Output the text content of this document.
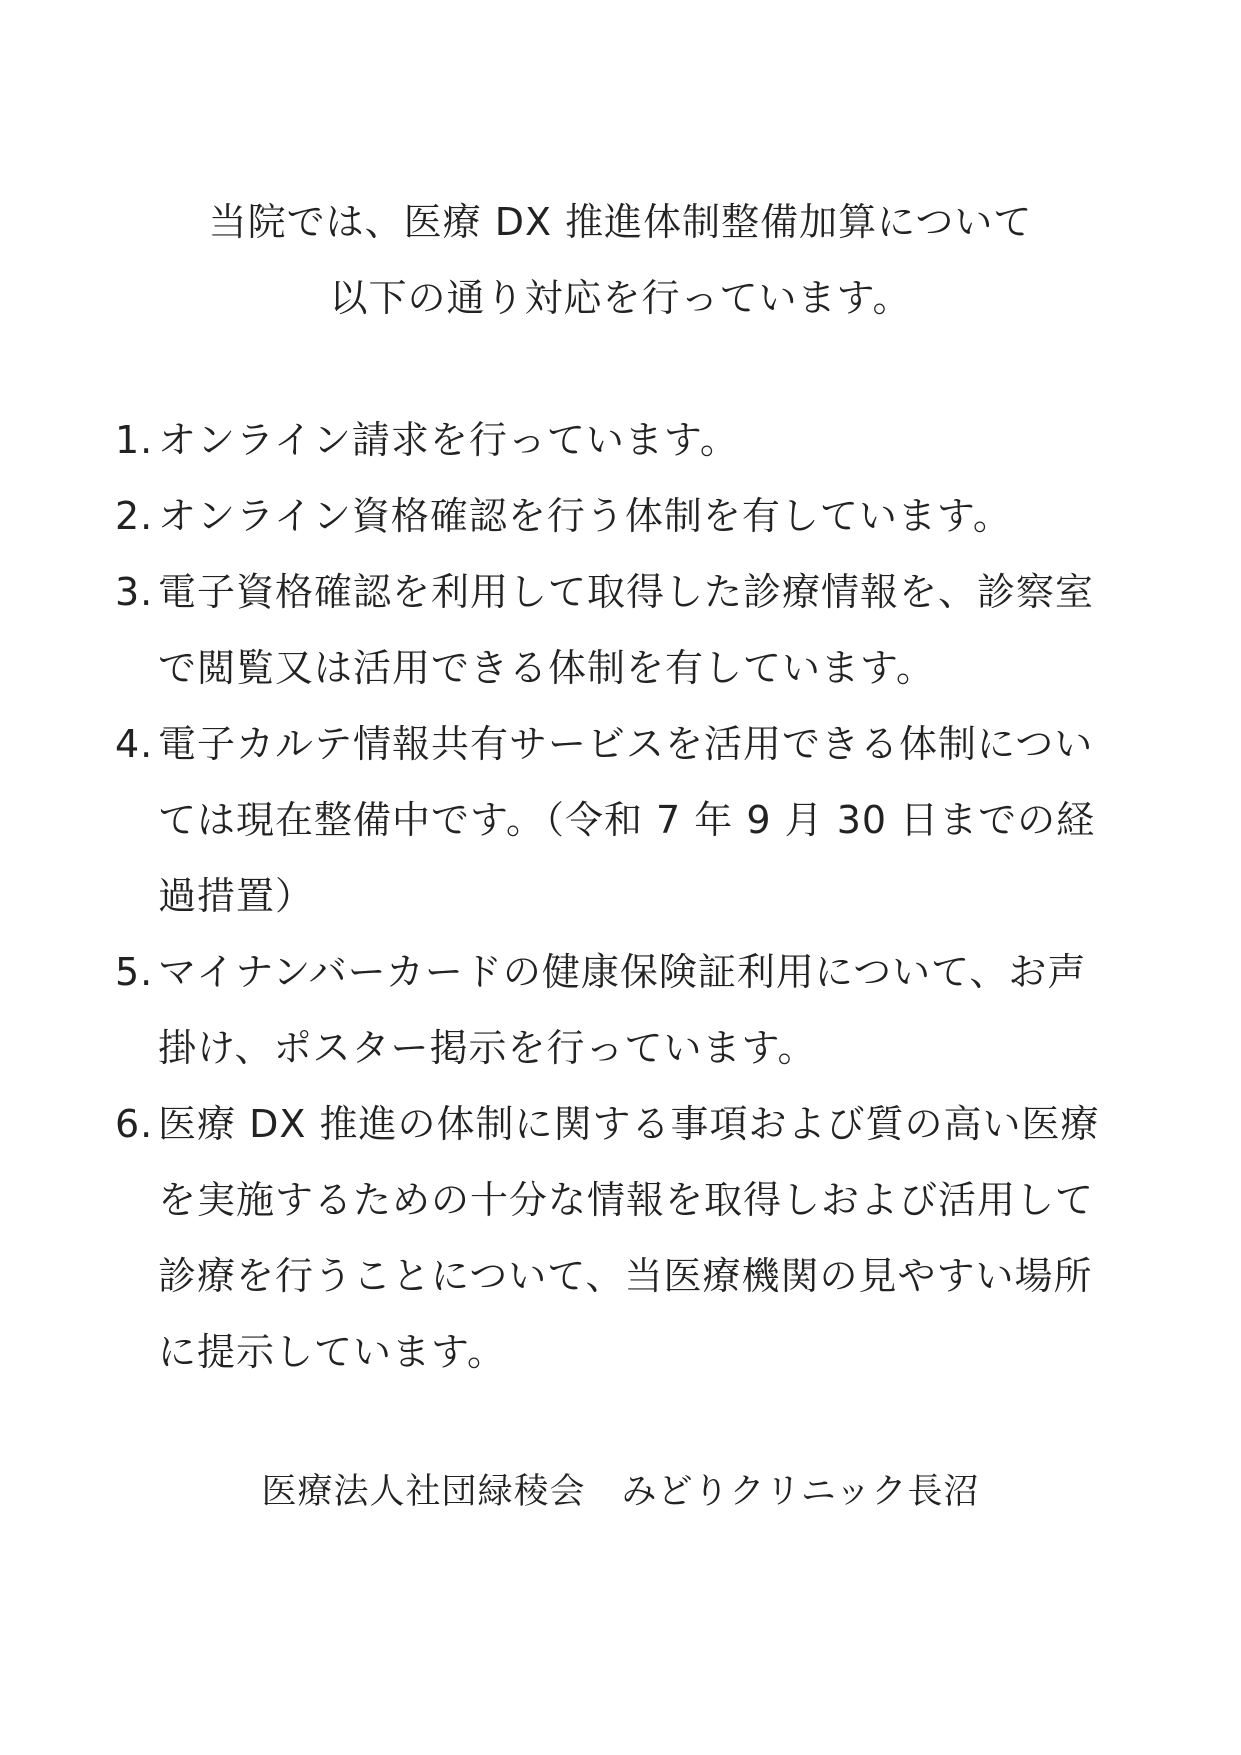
当院では、医療 DX 推進体制整備加算について

以下の通り対応を行っています。

1. オンライン請求を行っています。
2. オンライン資格確認を行う体制を有しています。
3. 電子資格確認を利用して取得した診療情報を、診察室で閲覧又は活用できる体制を有しています。
4. 電子カルテ情報共有サービスを活用できる体制については現在整備中です。（令和 7 年 9 月 30 日までの経過措置）
5. マイナンバーカードの健康保険証利用について、お声掛け、ポスター掲示を行っています。
6. 医療 DX 推進の体制に関する事項および質の高い医療を実施するための十分な情報を取得しおよび活用して診療を行うことについて、当医療機関の見やすい場所に提示しています。
医療法人社団緑稜会　みどりクリニック長沼
